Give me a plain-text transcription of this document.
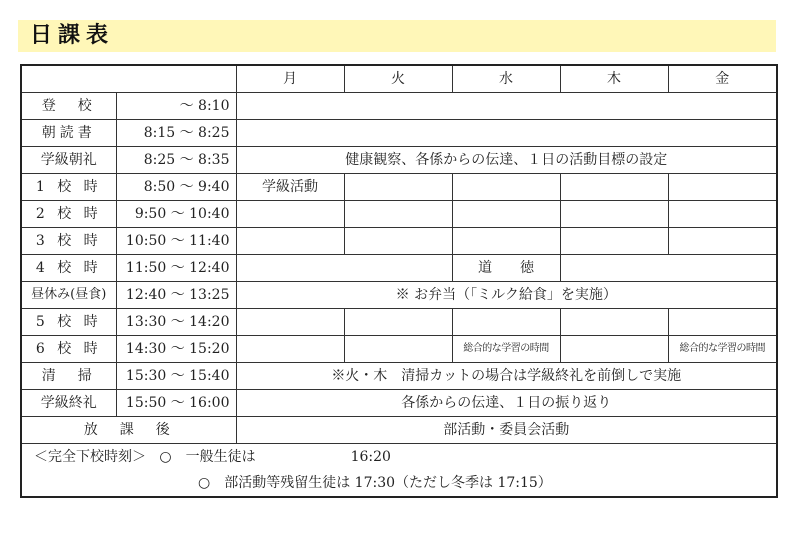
日課表
		月	火	水	木	金
登　校	〜 8:10					
朝読書	8:15 〜 8:25					
学級朝礼	8:25 〜 8:35	健康観察、各係からの伝達、１日の活動目標の設定				
1 校 時	8:50 〜 9:40	学級活動				
2 校 時	9:50 〜 10:40					
3 校 時	10:50 〜 11:40					
4 校 時	11:50 〜 12:40			道　　徳		
昼休み(昼食)	12:40 〜 13:25	※ お弁当（「ミルク給食」を実施）				
5 校 時	13:30 〜 14:20					
6 校 時	14:30 〜 15:20			総合的な学習の時間		総合的な学習の時間
清　掃	15:30 〜 15:40	※火・木　清掃カットの場合は学級終礼を前倒しで実施				
学級終礼	15:50 〜 16:00	各係からの伝達、１日の振り返り				
放　課　後		部活動・委員会活動				

＜完全下校時刻＞ ○　一般生徒は 16:20
○　部活動等残留生徒は 17:30（ただし冬季は 17:15）						
